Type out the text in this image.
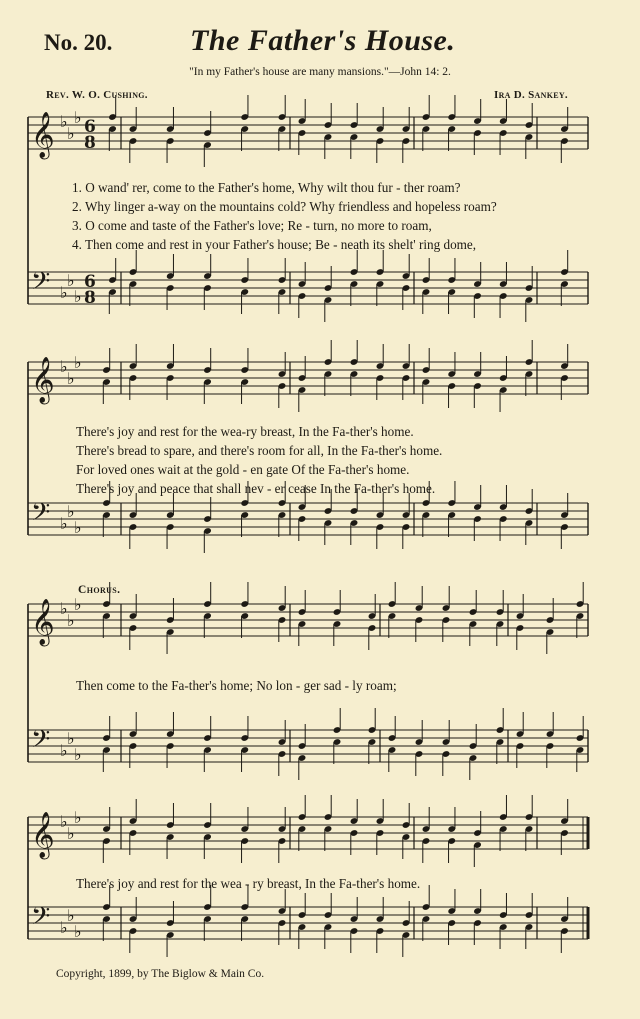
No. 20.	The Father's House.
"In my Father's house are many mansions."—John 14: 2.
Rev. W. O. Cushing.	Ira D. Sankey.
𝄞 ♭
♭
♭ 6
8
𝄢 ♭
♭
♭
6
8
𝄞 ♭
♭
♭
𝄢 ♭
♭
♭
𝄞 ♭
♭
♭
𝄢 ♭
♭
♭
𝄞 ♭
♭
♭
𝄢 ♭
♭
♭
1. O wand' rer, come to the Father's home, Why wilt thou fur - ther roam?
2. Why linger a-way on the mountains cold? Why friendless and hopeless roam?
3. O come and taste of the Father's love; Re - turn, no more to roam,
4. Then come and rest in your Father's house; Be - neath its shelt' ring dome,
There's joy and rest for the wea-ry breast, In the Fa-ther's home.
There's bread to spare, and there's room for all, In the Fa-ther's home.
For loved ones wait at the gold - en gate Of the Fa-ther's home.
There's joy and peace that shall nev - er cease In the Fa-ther's home.
Chorus.
Then come to the Fa-ther's home; No lon - ger sad - ly roam;
There's joy and rest for the wea - ry breast, In the Fa-ther's home.
Copyright, 1899, by The Biglow & Main Co.
